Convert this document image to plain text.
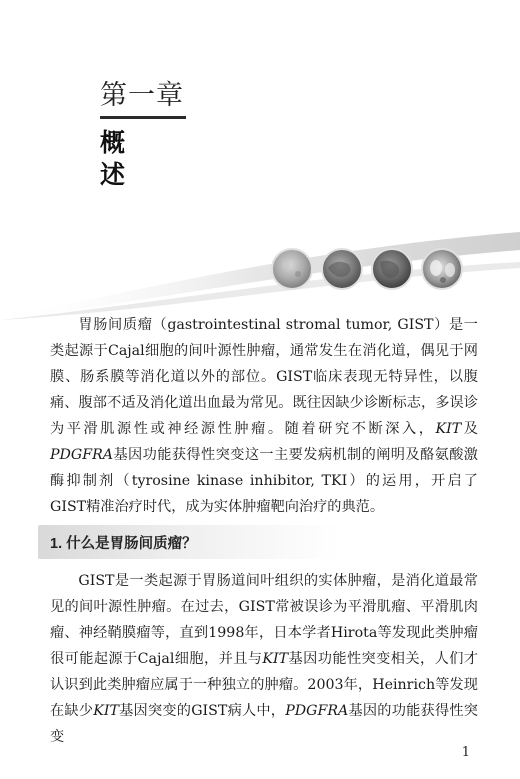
第一章
概 述

胃肠间质瘤（gastrointestinal stromal tumor, GIST）是一类起源于Cajal细胞的间叶源性肿瘤，通常发生在消化道，偶见于网膜、肠系膜等消化道以外的部位。GIST临床表现无特异性，以腹痛、腹部不适及消化道出血最为常见。既往因缺少诊断标志，多误诊为平滑肌源性或神经源性肿瘤。随着研究不断深入，KIT及PDGFRA基因功能获得性突变这一主要发病机制的阐明及酪氨酸激酶抑制剂（tyrosine kinase inhibitor, TKI）的运用，开启了GIST精准治疗时代，成为实体肿瘤靶向治疗的典范。

1. 什么是胃肠间质瘤？

GIST是一类起源于胃肠道间叶组织的实体肿瘤，是消化道最常见的间叶源性肿瘤。在过去，GIST常被误诊为平滑肌瘤、平滑肌肉瘤、神经鞘膜瘤等，直到1998年，日本学者Hirota等发现此类肿瘤很可能起源于Cajal细胞，并且与KIT基因功能性突变相关，人们才认识到此类肿瘤应属于一种独立的肿瘤。2003年，Heinrich等发现在缺少KIT基因突变的GIST病人中，PDGFRA基因的功能获得性突变

1
